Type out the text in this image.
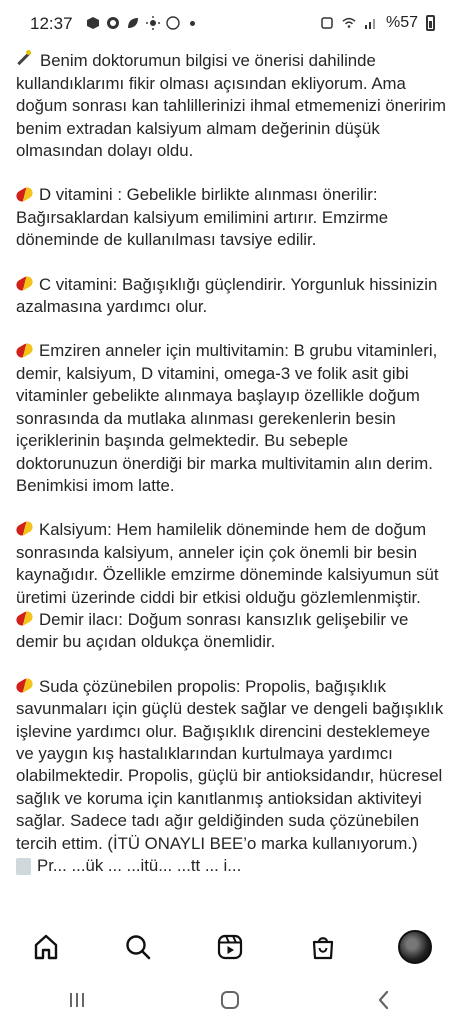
12:37	%57

Benim doktorumun bilgisi ve önerisi dahilinde kullandıklarımı fikir olması açısından ekliyorum. Ama doğum sonrası kan tahlillerinizi ihmal etmemenizi öneririm benim extradan kalsiyum almam değerinin düşük olmasından dolayı oldu.

D vitamini : Gebelikle birlikte alınması önerilir: Bağırsaklardan kalsiyum emilimini artırır. Emzirme döneminde de kullanılması tavsiye edilir.

C vitamini: Bağışıklığı güçlendirir. Yorgunluk hissinizin azalmasına yardımcı olur.

Emziren anneler için multivitamin: B grubu vitaminleri, demir, kalsiyum, D vitamini, omega-3 ve folik asit gibi vitaminler gebelikte alınmaya başlayıp özellikle doğum sonrasında da mutlaka alınması gerekenlerin besin içeriklerinin başında gelmektedir. Bu sebeple doktorunuzun önerdiği bir marka multivitamin alın derim. Benimkisi imom latte.

Kalsiyum: Hem hamilelik döneminde hem de doğum sonrasında kalsiyum, anneler için çok önemli bir besin kaynağıdır. Özellikle emzirme döneminde kalsiyumun süt üretimi üzerinde ciddi bir etkisi olduğu gözlemlenmiştir.

Demir ilacı: Doğum sonrası kansızlık gelişebilir ve demir bu açıdan oldukça önemlidir.

Suda çözünebilen propolis: Propolis, bağışıklık savunmaları için güçlü destek sağlar ve dengeli bağışıklık işlevine yardımcı olur. Bağışıklık direncini desteklemeye ve yaygın kış hastalıklarından kurtulmaya yardımcı olabilmektedir. Propolis, güçlü bir antioksidandır, hücresel sağlık ve koruma için kanıtlanmış antioksidan aktiviteyi sağlar. Sadece tadı ağır geldiğinden suda çözünebilen tercih ettim. (İTÜ ONAYLI BEE’o marka kullanıyorum.)

Pr... ...ük ... ...itü... ...tt ... i...
